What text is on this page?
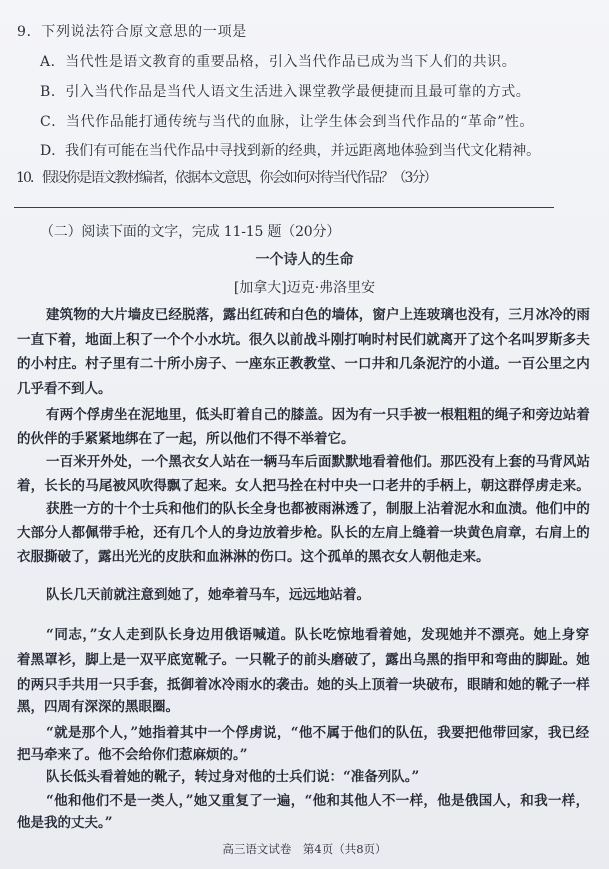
9．下列说法符合原文意思的一项是
A．当代性是语文教育的重要品格，引入当代作品已成为当下人们的共识。
B．引入当代作品是当代人语文生活进入课堂教学最便捷而且最可靠的方式。
C．当代作品能打通传统与当代的血脉，让学生体会到当代作品的“革命”性。
D．我们有可能在当代作品中寻找到新的经典，并远距离地体验到当代文化精神。
10．假设你是语文教材编者，依据本文意思，你会如何对待当代作品？（3分）
（二）阅读下面的文字，完成 11-15 题（20分）
一个诗人的生命
[加拿大]迈克·弗洛里安
建筑物的大片墙皮已经脱落，露出红砖和白色的墙体，窗户上连玻璃也没有，三月冰冷的雨
一直下着，地面上积了一个个小水坑。很久以前战斗刚打响时村民们就离开了这个名叫罗斯多夫
的小村庄。村子里有二十所小房子、一座东正教教堂、一口井和几条泥泞的小道。一百公里之内
几乎看不到人。
有两个俘虏坐在泥地里，低头盯着自己的膝盖。因为有一只手被一根粗粗的绳子和旁边站着
的伙伴的手紧紧地绑在了一起，所以他们不得不举着它。
一百米开外处，一个黑衣女人站在一辆马车后面默默地看着他们。那匹没有上套的马背风站
着，长长的马尾被风吹得飘了起来。女人把马拴在村中央一口老井的手柄上，朝这群俘虏走来。
获胜一方的十个士兵和他们的队长全身也都被雨淋透了，制服上沾着泥水和血渍。他们中的
大部分人都佩带手枪，还有几个人的身边放着步枪。队长的左肩上缝着一块黄色肩章，右肩上的
衣服撕破了，露出光光的皮肤和血淋淋的伤口。这个孤单的黑衣女人朝他走来。
队长几天前就注意到她了，她牵着马车，远远地站着。
“同志，”女人走到队长身边用俄语喊道。队长吃惊地看着她，发现她并不漂亮。她上身穿
着黑罩衫，脚上是一双平底宽靴子。一只靴子的前头磨破了，露出乌黑的指甲和弯曲的脚趾。她
的两只手共用一只手套，抵御着冰冷雨水的袭击。她的头上顶着一块破布，眼睛和她的靴子一样
黑，四周有深深的黑眼圈。
“就是那个人，”她指着其中一个俘虏说，“他不属于他们的队伍，我要把他带回家，我已经
把马牵来了。他不会给你们惹麻烦的。”
队长低头看着她的靴子，转过身对他的士兵们说：“准备列队。”
“他和他们不是一类人，”她又重复了一遍，“他和其他人不一样，他是俄国人，和我一样，
他是我的丈夫。”
高三语文试卷　第4页（共8页）
